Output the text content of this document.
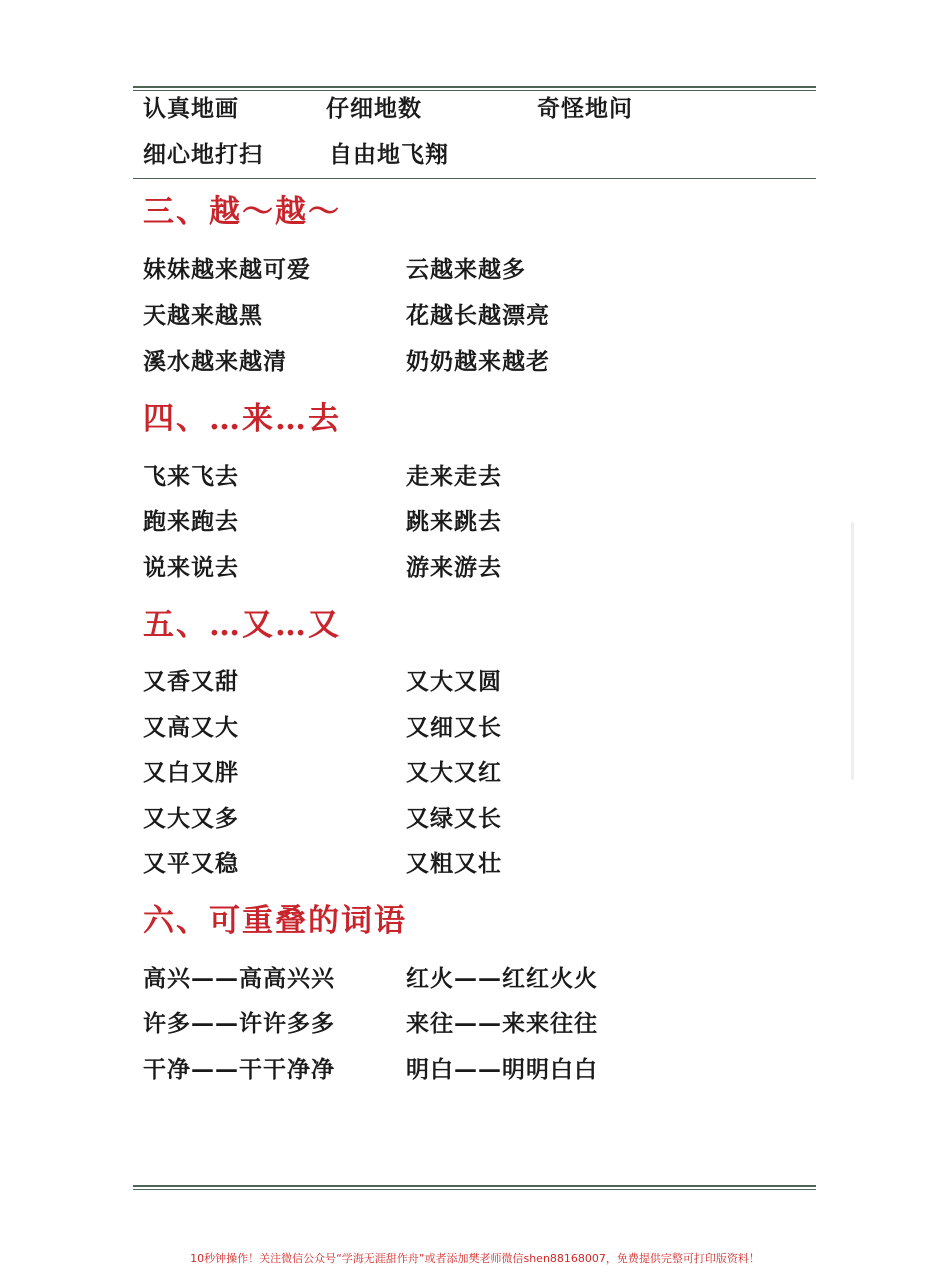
认真地画	仔细地数	奇怪地问
细心地打扫	自由地飞翔
三、越～越～
妹妹越来越可爱	云越来越多
天越来越黑	花越长越漂亮
溪水越来越清	奶奶越来越老
四、…来…去
飞来飞去	走来走去
跑来跑去	跳来跳去
说来说去	游来游去
五、…又…又
又香又甜	又大又圆
又高又大	又细又长
又白又胖	又大又红
又大又多	又绿又长
又平又稳	又粗又壮
六、可重叠的词语
高兴——高高兴兴	红火——红红火火
许多——许许多多	来往——来来往往
干净——干干净净	明白——明明白白
10秒钟操作！关注微信公众号“学海无涯甜作舟”或者添加樊老师微信shen88168007，免费提供完整可打印版资料！
